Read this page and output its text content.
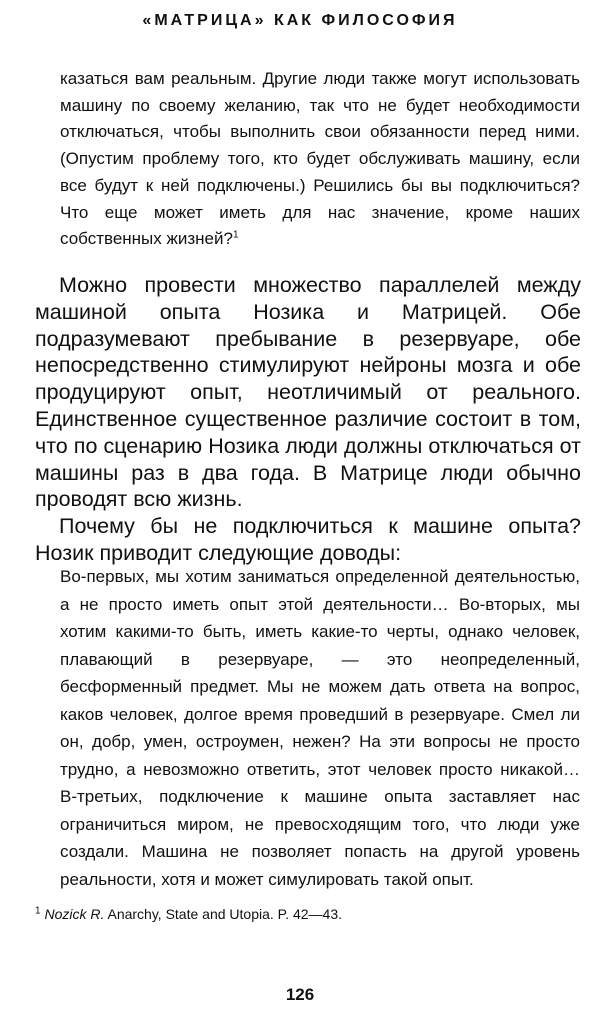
«МАТРИЦА» КАК ФИЛОСОФИЯ

казаться вам реальным. Другие люди также могут использовать машину по своему желанию, так что не будет необходимости отключаться, чтобы выполнить свои обязанности перед ними. (Опустим проблему того, кто будет обслуживать машину, если все будут к ней подключены.) Решились бы вы подключиться? Что еще может иметь для нас значение, кроме наших собственных жизней?$^1$

Можно провести множество параллелей между машиной опыта Нозика и Матрицей. Обе подразумевают пребывание в резервуаре, обе непосредственно стимулируют нейроны мозга и обе продуцируют опыт, неотличимый от реального. Единственное существенное различие состоит в том, что по сценарию Нозика люди должны отключаться от машины раз в два года. В Матрице люди обычно проводят всю жизнь.

Почему бы не подключиться к машине опыта? Нозик приводит следующие доводы:

Во-первых, мы хотим заниматься определенной деятельностью, а не просто иметь опыт этой деятельности… Во-вторых, мы хотим какими-то быть, иметь какие-то черты, однако человек, плавающий в резервуаре, — это неопределенный, бесформенный предмет. Мы не можем дать ответа на вопрос, каков человек, долгое время проведший в резервуаре. Смел ли он, добр, умен, остроумен, нежен? На эти вопросы не просто трудно, а невозможно ответить, этот человек просто никакой… В-третьих, подключение к машине опыта заставляет нас ограничиться миром, не превосходящим того, что люди уже создали. Машина не позволяет попасть на другой уровень реальности, хотя и может симулировать такой опыт.

$^1$ Nozick R. Anarchy, State and Utopia. P. 42—43.
126
